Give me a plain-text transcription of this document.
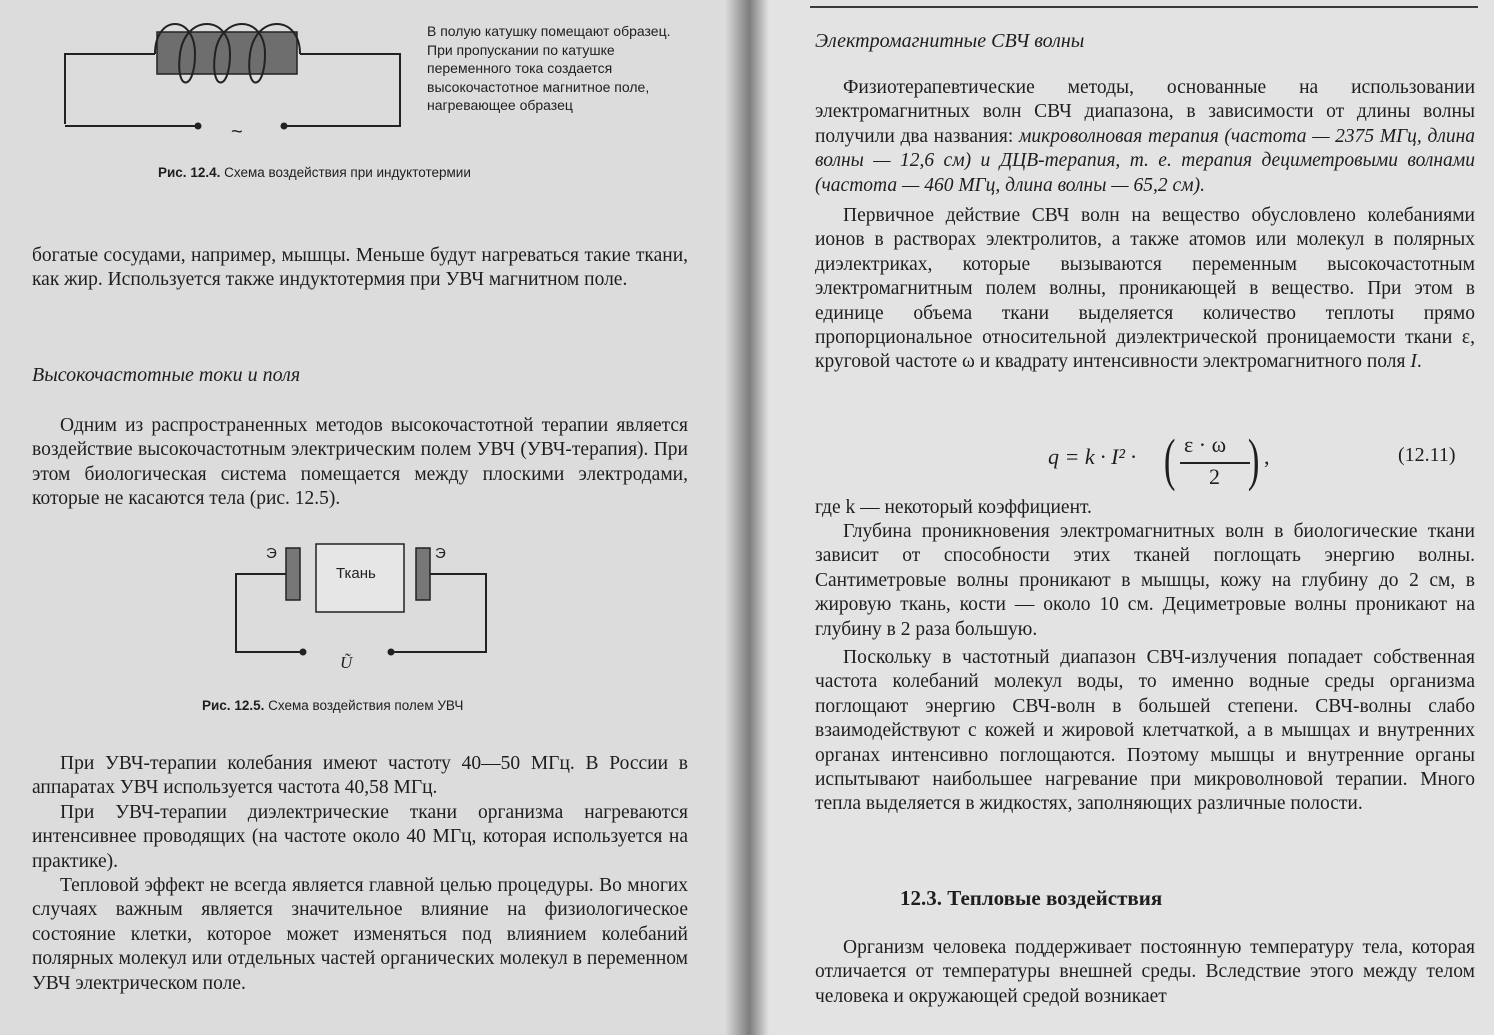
~
В полую катушку помещают образец. При пропускании по катушке переменного тока создается высокочастотное магнитное поле, нагревающее образец
Рис. 12.4. Схема воздействия при индуктотермии

богатые сосудами, например, мышцы. Меньше будут нагреваться такие ткани, как жир. Используется также индуктотермия при УВЧ магнитном поле.

Высокочастотные токи и поля

Одним из распространенных методов высокочастотной терапии является воздействие высокочастотным электрическим полем УВЧ (УВЧ-терапия). При этом биологическая система помещается между плоскими электродами, которые не касаются тела (рис. 12.5).

Э	Э
Ткань
Ũ
Рис. 12.5. Схема воздействия полем УВЧ

При УВЧ-терапии колебания имеют частоту 40—50 МГц. В России в аппаратах УВЧ используется частота 40,58 МГц.

При УВЧ-терапии диэлектрические ткани организма нагреваются интенсивнее проводящих (на частоте около 40 МГц, которая используется на практике).

Тепловой эффект не всегда является главной целью процедуры. Во многих случаях важным является значительное влияние на физиологическое состояние клетки, которое может изменяться под влиянием колебаний полярных молекул или отдельных частей органических молекул в переменном УВЧ электрическом поле.

Электромагнитные СВЧ волны

Физиотерапевтические методы, основанные на использовании электромагнитных волн СВЧ диапазона, в зависимости от длины волны получили два названия: микроволновая терапия (частота — 2375 МГц, длина волны — 12,6 см) и ДЦВ-терапия, т. е. терапия дециметровыми волнами (частота — 460 МГц, длина волны — 65,2 см).

Первичное действие СВЧ волн на вещество обусловлено колебаниями ионов в растворах электролитов, а также атомов или молекул в полярных диэлектриках, которые вызываются переменным высокочастотным электромагнитным полем волны, проникающей в вещество. При этом в единице объема ткани выделяется количество теплоты прямо пропорциональное относительной диэлектрической проницаемости ткани ε, круговой частоте ω и квадрату интенсивности электромагнитного поля I.

q = k · I² · ( ε · ω
2 ) ,	(12.11)

где k — некоторый коэффициент.

Глубина проникновения электромагнитных волн в биологические ткани зависит от способности этих тканей поглощать энергию волны. Сантиметровые волны проникают в мышцы, кожу на глубину до 2 см, в жировую ткань, кости — около 10 см. Дециметровые волны проникают на глубину в 2 раза большую.

Поскольку в частотный диапазон СВЧ-излучения попадает собственная частота колебаний молекул воды, то именно водные среды организма поглощают энергию СВЧ-волн в большей степени. СВЧ-волны слабо взаимодействуют с кожей и жировой клетчаткой, а в мышцах и внутренних органах интенсивно поглощаются. Поэтому мышцы и внутренние органы испытывают наибольшее нагревание при микроволновой терапии. Много тепла выделяется в жидкостях, заполняющих различные полости.

12.3. Тепловые воздействия

Организм человека поддерживает постоянную температуру тела, которая отличается от температуры внешней среды. Вследствие этого между телом человека и окружающей средой возникает
